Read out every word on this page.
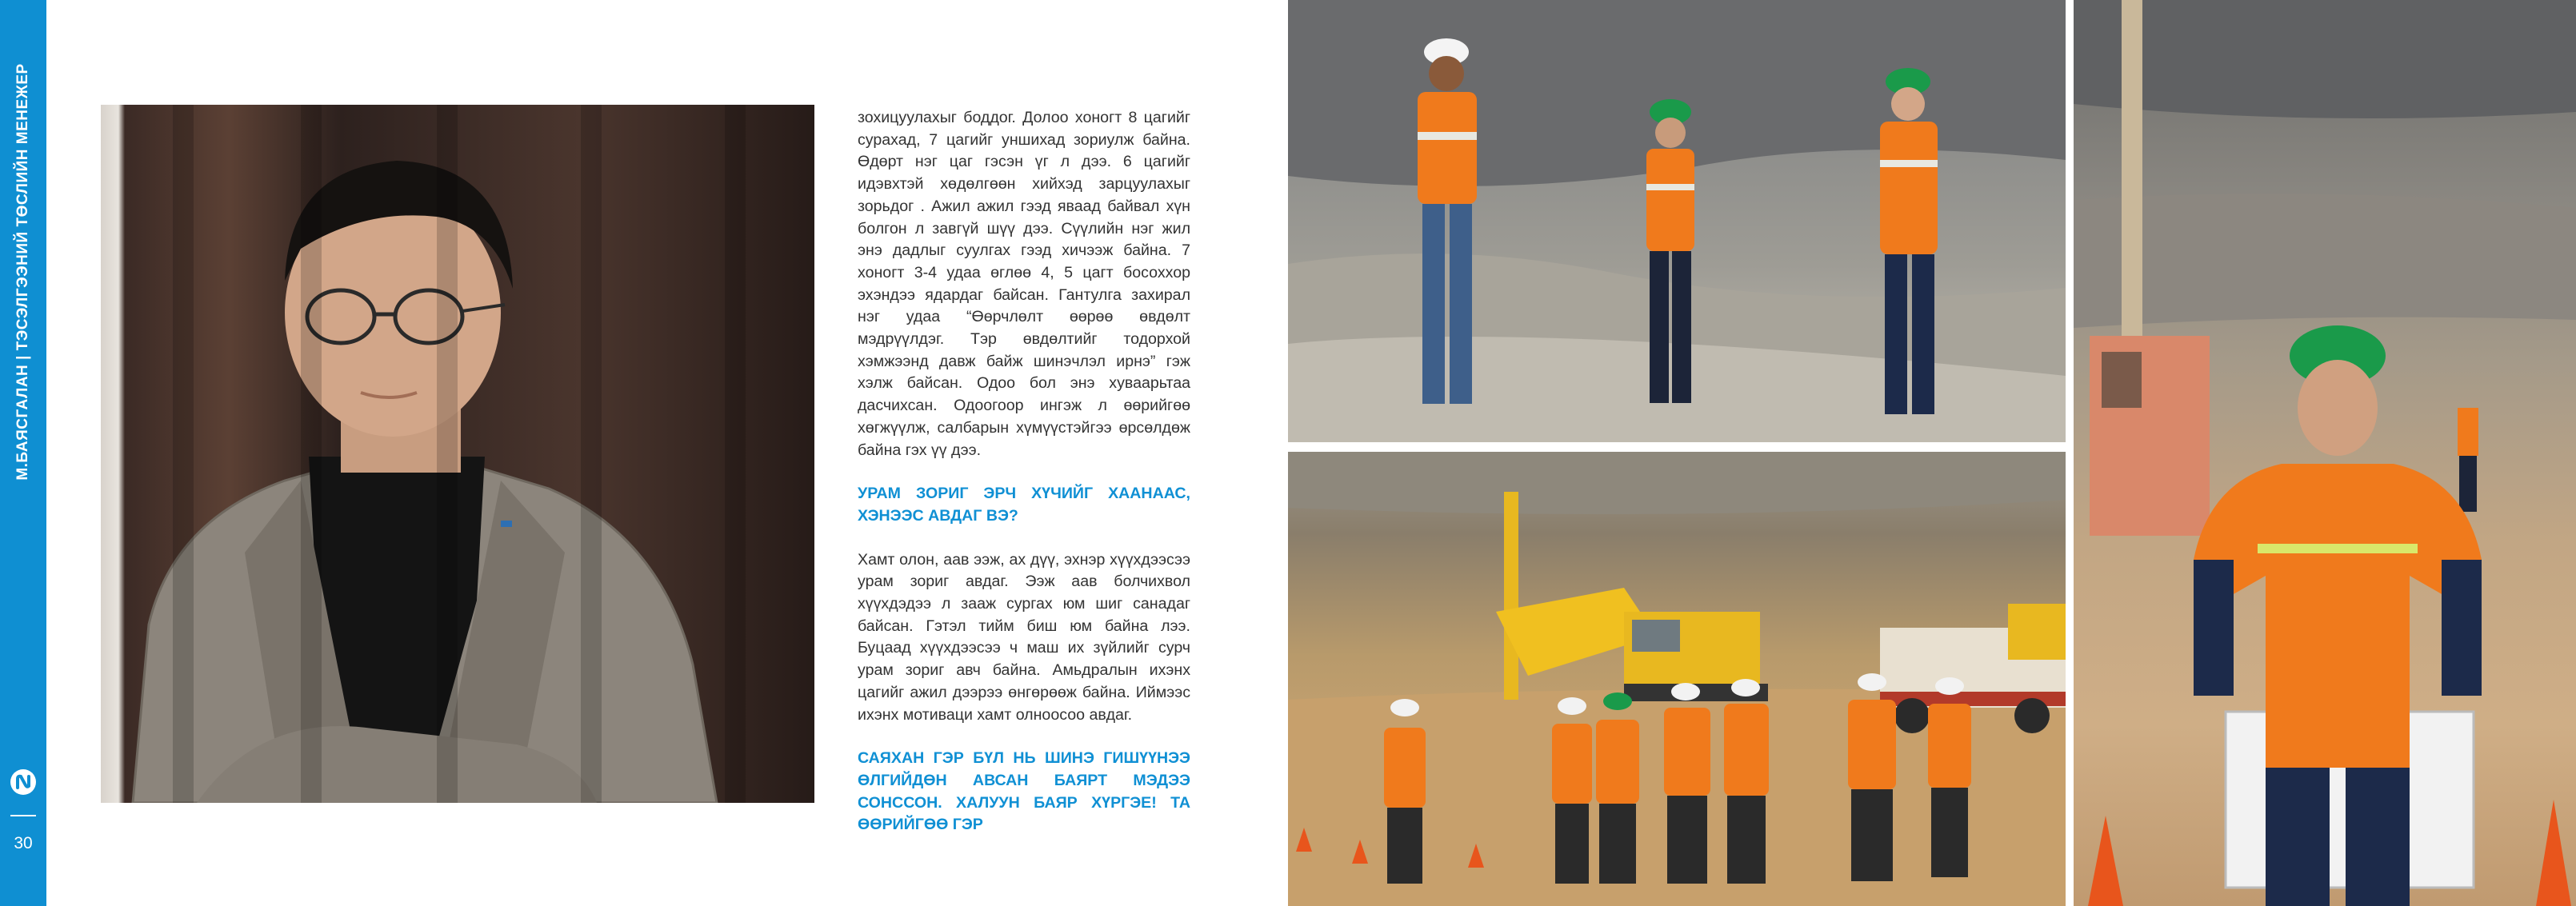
М.БАЯСГАЛАН | ТЭСЭЛГЭЭНИЙ ТӨСЛИЙН МЕНЕЖЕР
30

зохицуулахыг боддог. Долоо хоногт 8 цагийг сурахад, 7 цагийг уншихад зориулж байна. Өдөрт нэг цаг гэсэн үг л дээ. 6 цагийг идэвхтэй хөдөлгөөн хийхэд зарцуулахыг зорьдог . Ажил ажил гээд яваад байвал хүн болгон л завгүй шүү дээ. Сүүлийн нэг жил энэ дадлыг суулгах гээд хичээж байна. 7 хоногт 3-4 удаа өглөө 4, 5 цагт босоххор эхэндээ ядардаг байсан. Гантулга захирал нэг удаа “Өөрчлөлт өөрөө өвдөлт мэдрүүлдэг. Тэр өвдөлтийг тодорхой хэмжээнд давж байж шинэчлэл ирнэ” гэж хэлж байсан. Одоо бол энэ хуваарьтаа дасчихсан. Одоогоор ингэж л өөрийгөө хөгжүүлж, салбарын хүмүүстэйгээ өрсөлдөж байна гэх үү дээ.

УРАМ ЗОРИГ ЭРЧ ХҮЧИЙГ ХААНААС, ХЭНЭЭС АВДАГ ВЭ?

Хамт олон, аав ээж, ах дүү, эхнэр хүүхдээсээ урам зориг авдаг. Ээж аав болчихвол хүүхдэдээ л зааж сургах юм шиг санадаг байсан. Гэтэл тийм биш юм байна лээ. Буцаад хүүхдээсээ ч маш их зүйлийг сурч урам зориг авч байна. Амьдралын ихэнх цагийг ажил дээрээ өнгөрөөж байна. Иймээс ихэнх мотиваци хамт олноосоо авдаг.

САЯХАН ГЭР БҮЛ НЬ ШИНЭ ГИШҮҮНЭЭ ӨЛГИЙДӨН АВСАН БАЯРТ МЭДЭЭ СОНССОН. ХАЛУУН БАЯР ХҮРГЭЕ! ТА ӨӨРИЙГӨӨ ГЭР
